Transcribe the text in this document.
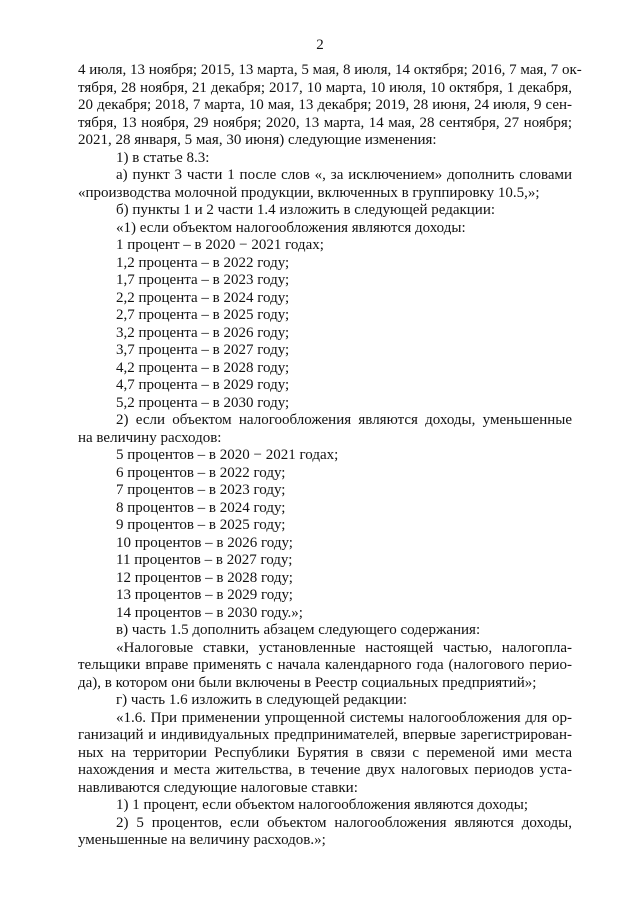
2
4 июля, 13 ноября; 2015, 13 марта, 5 мая, 8 июля, 14 октября; 2016, 7 мая, 7 ок-
тября, 28 ноября, 21 декабря; 2017, 10 марта, 10 июля, 10 октября, 1 декабря,
20 декабря; 2018, 7 марта, 10 мая, 13 декабря; 2019, 28 июня, 24 июля, 9 сен-
тября, 13 ноября, 29 ноября; 2020, 13 марта, 14 мая, 28 сентября, 27 ноября;
2021, 28 января, 5 мая, 30 июня) следующие изменения:
1) в статье 8.3:
а) пункт 3 части 1 после слов «, за исключением» дополнить словами
«производства молочной продукции, включенных в группировку 10.5,»;
б) пункты 1 и 2 части 1.4 изложить в следующей редакции:
«1) если объектом налогообложения являются доходы:
1 процент – в 2020 − 2021 годах;
1,2 процента – в 2022 году;
1,7 процента – в 2023 году;
2,2 процента – в 2024 году;
2,7 процента – в 2025 году;
3,2 процента – в 2026 году;
3,7 процента – в 2027 году;
4,2 процента – в 2028 году;
4,7 процента – в 2029 году;
5,2 процента – в 2030 году;
2) если объектом налогообложения являются доходы, уменьшенные
на величину расходов:
5 процентов – в 2020 − 2021 годах;
6 процентов – в 2022 году;
7 процентов – в 2023 году;
8 процентов – в 2024 году;
9 процентов – в 2025 году;
10 процентов – в 2026 году;
11 процентов – в 2027 году;
12 процентов – в 2028 году;
13 процентов – в 2029 году;
14 процентов – в 2030 году.»;
в) часть 1.5 дополнить абзацем следующего содержания:
«Налоговые ставки, установленные настоящей частью, налогопла-
тельщики вправе применять с начала календарного года (налогового перио-
да), в котором они были включены в Реестр социальных предприятий»;
г) часть 1.6 изложить в следующей редакции:
«1.6. При применении упрощенной системы налогообложения для ор-
ганизаций и индивидуальных предпринимателей, впервые зарегистрирован-
ных на территории Республики Бурятия в связи с переменой ими места
нахождения и места жительства, в течение двух налоговых периодов уста-
навливаются следующие налоговые ставки:
1) 1 процент, если объектом налогообложения являются доходы;
2) 5 процентов, если объектом налогообложения являются доходы,
уменьшенные на величину расходов.»;
